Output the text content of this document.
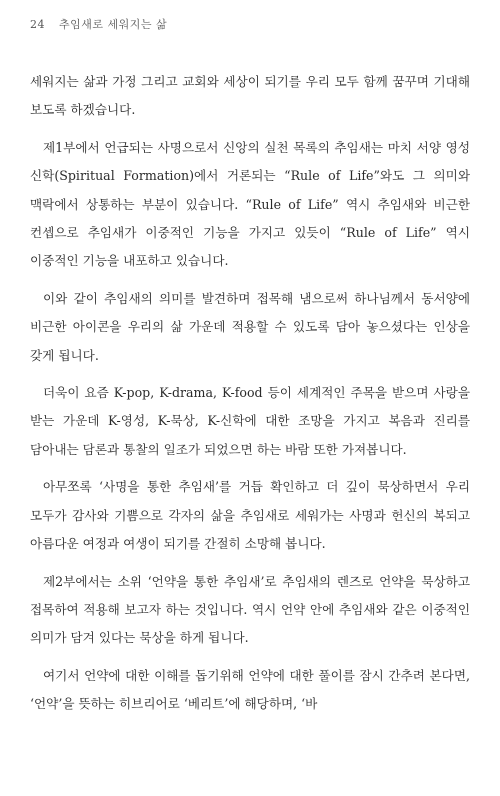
24 추임새로 세워지는 삶

세워지는 삶과 가정 그리고 교회와 세상이 되기를 우리 모두 함께 꿈꾸며 기대해 보도록 하겠습니다.

제1부에서 언급되는 사명으로서 신앙의 실천 목록의 추임새는 마치 서양 영성 신학(Spiritual Formation)에서 거론되는 “Rule of Life”와도 그 의미와 맥락에서 상통하는 부분이 있습니다. “Rule of Life” 역시 추임새와 비근한 컨셉으로 추임새가 이중적인 기능을 가지고 있듯이 “Rule of Life” 역시 이중적인 기능을 내포하고 있습니다.

이와 같이 추임새의 의미를 발견하며 접목해 냄으로써 하나님께서 동서양에 비근한 아이콘을 우리의 삶 가운데 적용할 수 있도록 담아 놓으셨다는 인상을 갖게 됩니다.

더욱이 요즘 K-pop, K-drama, K-food 등이 세계적인 주목을 받으며 사랑을 받는 가운데 K-영성, K-묵상, K-신학에 대한 조망을 가지고 복음과 진리를 담아내는 담론과 통찰의 일조가 되었으면 하는 바람 또한 가져봅니다.

아무쪼록 ‘사명을 통한 추임새’를 거듭 확인하고 더 깊이 묵상하면서 우리 모두가 감사와 기쁨으로 각자의 삶을 추임새로 세워가는 사명과 헌신의 복되고 아름다운 여정과 여생이 되기를 간절히 소망해 봅니다.

제2부에서는 소위 ‘언약을 통한 추임새’로 추임새의 렌즈로 언약을 묵상하고 접목하여 적용해 보고자 하는 것입니다. 역시 언약 안에 추임새와 같은 이중적인 의미가 담겨 있다는 묵상을 하게 됩니다.

여기서 언약에 대한 이해를 돕기위해 언약에 대한 풀이를 잠시 간추려 본다면, ‘언약’을 뜻하는 히브리어로 ‘베리트’에 해당하며, ‘바
